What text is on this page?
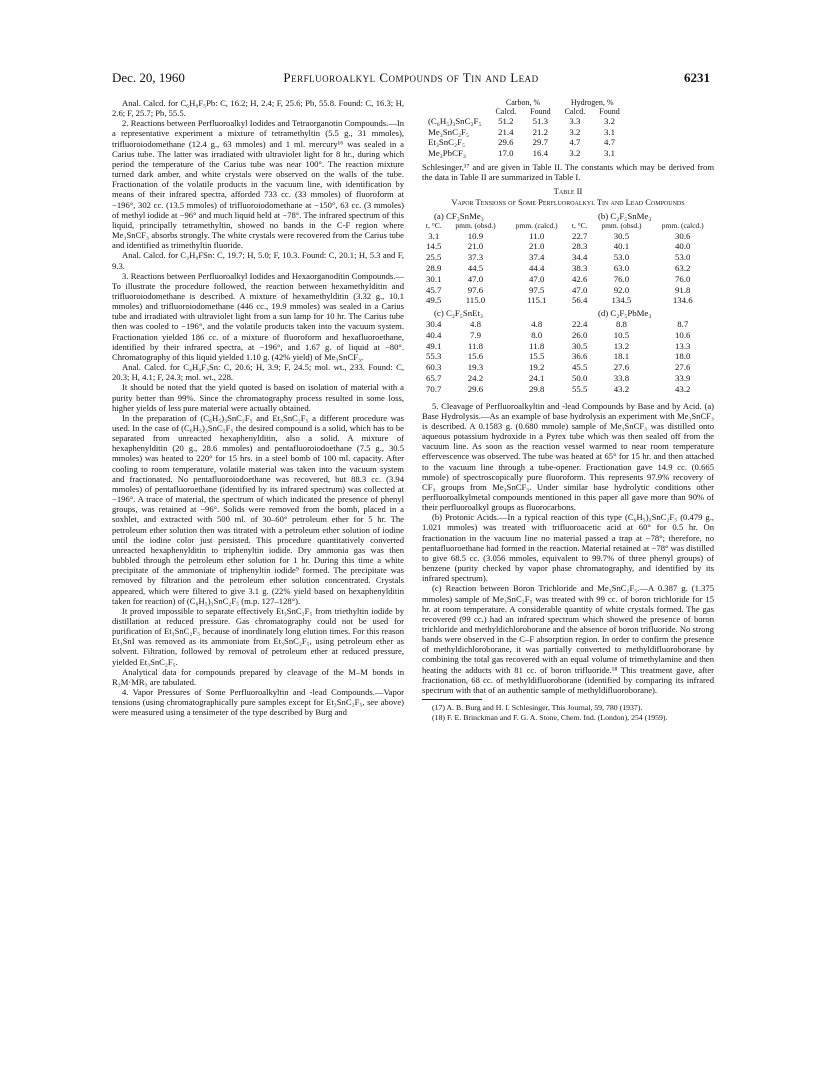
Dec. 20, 1960	Perfluoroalkyl Compounds of Tin and Lead	6231

Anal. Calcd. for C₆H₉F₅Pb: C, 16.2; H, 2.4; F, 25.6; Pb, 55.8. Found: C, 16.3; H, 2.6; F, 25.7; Pb, 55.5.

2. Reactions between Perfluoroalkyl Iodides and Tetraorganotin Compounds.—In a representative experiment a mixture of tetramethyltin (5.5 g., 31 mmoles), trifluoroiodomethane (12.4 g., 63 mmoles) and 1 ml. mercury¹⁶ was sealed in a Carius tube. The latter was irradiated with ultraviolet light for 8 hr., during which period the temperature of the Carius tube was near 100°. The reaction mixture turned dark amber, and white crystals were observed on the walls of the tube. Fractionation of the volatile products in the vacuum line, with identification by means of their infrared spectra, afforded 733 cc. (33 mmoles) of fluoroform at −196°, 302 cc. (13.5 mmoles) of trifluoroiodomethane at −150°, 63 cc. (3 mmoles) of methyl iodide at −96° and much liquid held at −78°. The infrared spectrum of this liquid, principally tetramethyltin, showed no bands in the C-F region where Me₃SnCF₃ absorbs strongly. The white crystals were recovered from the Carius tube and identified as trimethyltin fluoride.

Anal. Calcd. for C₃H₉FSn: C, 19.7; H, 5.0; F, 10.3. Found: C, 20.1; H, 5.3 and F, 9.3.

3. Reactions between Perfluoroalkyl Iodides and Hexaorganoditin Compounds.—To illustrate the procedure followed, the reaction between hexamethylditin and trifluoroiodomethane is described. A mixture of hexamethylditin (3.32 g., 10.1 mmoles) and trifluoroiodomethane (446 cc., 19.9 mmoles) was sealed in a Carius tube and irradiated with ultraviolet light from a sun lamp for 10 hr. The Carius tube then was cooled to −196°, and the volatile products taken into the vacuum system. Fractionation yielded 186 cc. of a mixture of fluoroform and hexafluoroethane, identified by their infrared spectra, at −196°, and 1.67 g. of liquid at −80°. Chromatography of this liquid yielded 1.10 g. (42% yield) of Me₃SnCF₃.

Anal. Calcd. for C₄H₉F₃Sn: C, 20.6; H, 3.9; F, 24.5; mol. wt., 233. Found: C, 20.3; H, 4.1; F, 24.3; mol. wt., 228.

It should be noted that the yield quoted is based on isolation of material with a purity better than 99%. Since the chromatography process resulted in some loss, higher yields of less pure material were actually obtained.

In the preparation of (C₆H₅)₃SnC₂F₅ and Et₃SnC₂F₅ a different procedure was used. In the case of (C₆H₅)₃SnC₂F₅ the desired compound is a solid, which has to be separated from unreacted hexaphenylditin, also a solid. A mixture of hexaphenylditin (20 g., 28.6 mmoles) and pentafluoroiodoethane (7.5 g., 30.5 mmoles) was heated to 220° for 15 hrs. in a steel bomb of 100 ml. capacity. After cooling to room temperature, volatile material was taken into the vacuum system and fractionated. No pentafluoroiodoethane was recovered, but 88.3 cc. (3.94 mmoles) of pentafluoroethane (identified by its infrared spectrum) was collected at −196°. A trace of material, the spectrum of which indicated the presence of phenyl groups, was retained at −96°. Solids were removed from the bomb, placed in a soxhlet, and extracted with 500 ml. of 30–60° petroleum ether for 5 hr. The petroleum ether solution then was titrated with a petroleum ether solution of iodine until the iodine color just persisted. This procedure quantitatively converted unreacted hexaphenylditin to triphenyltin iodide. Dry ammonia gas was then bubbled through the petroleum ether solution for 1 hr. During this time a white precipitate of the ammoniate of triphenyltin iodide⁹ formed. The precipitate was removed by filtration and the petroleum ether solution concentrated. Crystals appeared, which were filtered to give 3.1 g. (22% yield based on hexaphenylditin taken for reaction) of (C₆H₅)₃SnC₂F₅ (m.p. 127–128°).

It proved impossible to separate effectively Et₃SnC₂F₅ from triethyltin iodide by distillation at reduced pressure. Gas chromatography could not be used for purification of Et₃SnC₂F₅ because of inordinately long elution times. For this reason Et₃SnI was removed as its ammoniate from Et₃SnC₂F₅, using petroleum ether as solvent. Filtration, followed by removal of petroleum ether at reduced pressure, yielded Et₃SnC₂F₅.

Analytical data for compounds prepared by cleavage of the M–M bonds in R₃M·MR₃ are tabulated.

4. Vapor Pressures of Some Perfluoroalkyltin and -lead Compounds.—Vapor tensions (using chromatographically pure samples except for Et₃SnC₂F₅, see above) were measured using a tensimeter of the type described by Burg and

	Carbon, %		Hydrogen, %	
	Calcd.	Found	Calcd.	Found
(C₆H₅)₃SnC₂F₅	51.2	51.3	3.3	3.2
Me₃SnC₂F₅	21.4	21.2	3.2	3.1
Et₃SnC₂F₅	29.6	29.7	4.7	4.7
Me₃PbCF₃	17.0	16.4	3.2	3.1

Schlesinger,¹⁷ and are given in Table II. The constants which may be derived from the data in Table II are summarized in Table I.

Table II
Vapor Tensions of Some Perfluoroalkyl Tin and Lead Compounds
(a) CF₃SnMe₃			(b) C₂F₅SnMe₃		
t, °C.	pmm. (obsd.)	pmm. (calcd.)	t, °C.	pmm. (obsd.)	pmm. (calcd.)
3.1	10.9	11.0	22.7	30.5	30.6
14.5	21.0	21.0	28.3	40.1	40.0
25.5	37.3	37.4	34.4	53.0	53.0
28.9	44.5	44.4	38.3	63.0	63.2
30.1	47.0	47.0	42.6	76.0	76.0
45.7	97.6	97.5	47.0	92.0	91.8
49.5	115.0	115.1	56.4	134.5	134.6
(c) C₂F₅SnEt₃			(d) C₂F₅PbMe₃		
30.4	4.8	4.8	22.4	8.8	8.7
40.4	7.9	8.0	26.0	10.5	10.6
49.1	11.8	11.8	30.5	13.2	13.3
55.3	15.6	15.5	36.6	18.1	18.0
60.3	19.3	19.2	45.5	27.6	27.6
65.7	24.2	24.1	50.0	33.8	33.9
70.7	29.6	29.8	55.5	43.2	43.2

5. Cleavage of Perfluoroalkyltin and -lead Compounds by Base and by Acid. (a) Base Hydrolysis.—As an example of base hydrolysis an experiment with Me₃SnCF₃ is described. A 0.1583 g. (0.680 mmole) sample of Me₃SnCF₃ was distilled onto aqueous potassium hydroxide in a Pyrex tube which was then sealed off from the vacuum line. As soon as the reaction vessel warmed to near room temperature effervescence was observed. The tube was heated at 65° for 15 hr. and then attached to the vacuum line through a tube-opener. Fractionation gave 14.9 cc. (0.665 mmole) of spectroscopically pure fluoroform. This represents 97.9% recovery of CF₃ groups from Me₃SnCF₃. Under similar base hydrolytic conditions other perfluoroalkylmetal compounds mentioned in this paper all gave more than 90% of their perfluoroalkyl groups as fluorocarbons.

(b) Protonic Acids.—In a typical reaction of this type (C₆H₅)₃SnC₂F₅ (0.479 g., 1.021 mmoles) was treated with trifluoroacetic acid at 60° for 0.5 hr. On fractionation in the vacuum line no material passed a trap at −78°; therefore, no pentafluoroethane had formed in the reaction. Material retained at −78° was distilled to give 68.5 cc. (3.056 mmoles, equivalent to 99.7% of three phenyl groups) of benzene (purity checked by vapor phase chromatography, and identified by its infrared spectrum).

(c) Reaction between Boron Trichloride and Me₃SnC₂F₅.—A 0.387 g. (1.375 mmoles) sample of Me₃SnC₂F₅ was treated with 99 cc. of boron trichloride for 15 hr. at room temperature. A considerable quantity of white crystals formed. The gas recovered (99 cc.) had an infrared spectrum which showed the presence of boron trichloride and methyldichloroborane and the absence of boron trifluoride. No strong bands were observed in the C–F absorption region. In order to confirm the presence of methyldichloroborane, it was partially converted to methyldifluoroborane by combining the total gas recovered with an equal volume of trimethylamine and then heating the adducts with 81 cc. of boron trifluoride.¹⁸ This treatment gave, after fractionation, 68 cc. of methyldifluoroborane (identified by comparing its infrared spectrum with that of an authentic sample of methyldifluoroborane).

(17) A. B. Burg and H. I. Schlesinger, This Journal, 59, 780 (1937).

(18) F. E. Brinckman and F. G. A. Stone, Chem. Ind. (London), 254 (1959).
